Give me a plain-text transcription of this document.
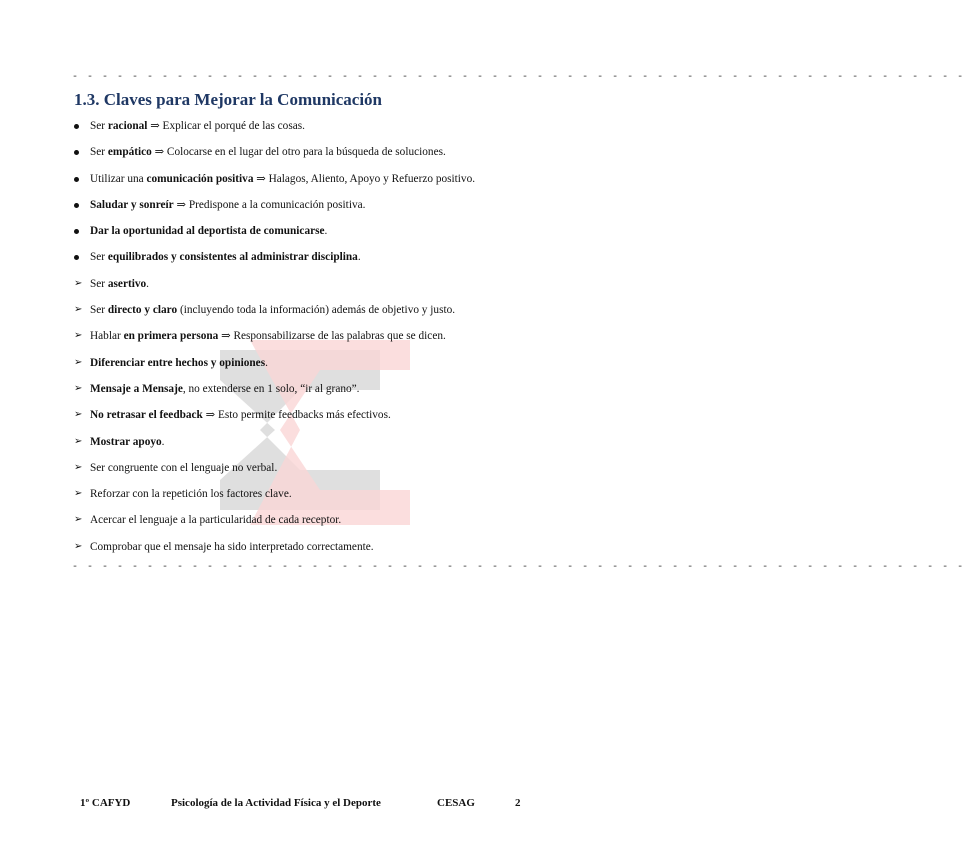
- - - - - - - - - - - - - - - - - - - - - - - - - - - - - - - - - - - - - - - - - - - - - - - - - - - - - - - - - - - -
1.3. Claves para Mejorar la Comunicación
Ser racional ⇒ Explicar el porqué de las cosas.
Ser empático ⇒ Colocarse en el lugar del otro para la búsqueda de soluciones.
Utilizar una comunicación positiva ⇒ Halagos, Aliento, Apoyo y Refuerzo positivo.
Saludar y sonreír ⇒ Predispone a la comunicación positiva.
Dar la oportunidad al deportista de comunicarse.
Ser equilibrados y consistentes al administrar disciplina.
➢ Ser asertivo.
➢ Ser directo y claro (incluyendo toda la información) además de objetivo y justo.
➢ Hablar en primera persona ⇒ Responsabilizarse de las palabras que se dicen.
➢ Diferenciar entre hechos y opiniones.
➢ Mensaje a Mensaje, no extenderse en 1 solo, “ir al grano”.
➢ No retrasar el feedback ⇒ Esto permite feedbacks más efectivos.
➢ Mostrar apoyo.
➢ Ser congruente con el lenguaje no verbal.
➢ Reforzar con la repetición los factores clave.
➢ Acercar el lenguaje a la particularidad de cada receptor.
➢ Comprobar que el mensaje ha sido interpretado correctamente.
- - - - - - - - - - - - - - - - - - - - - - - - - - - - - - - - - - - - - - - - - - - - - - - - - - - - - - - - - - - -
1º CAFYD	Psicología de la Actividad Física y el Deporte	CESAG	2
